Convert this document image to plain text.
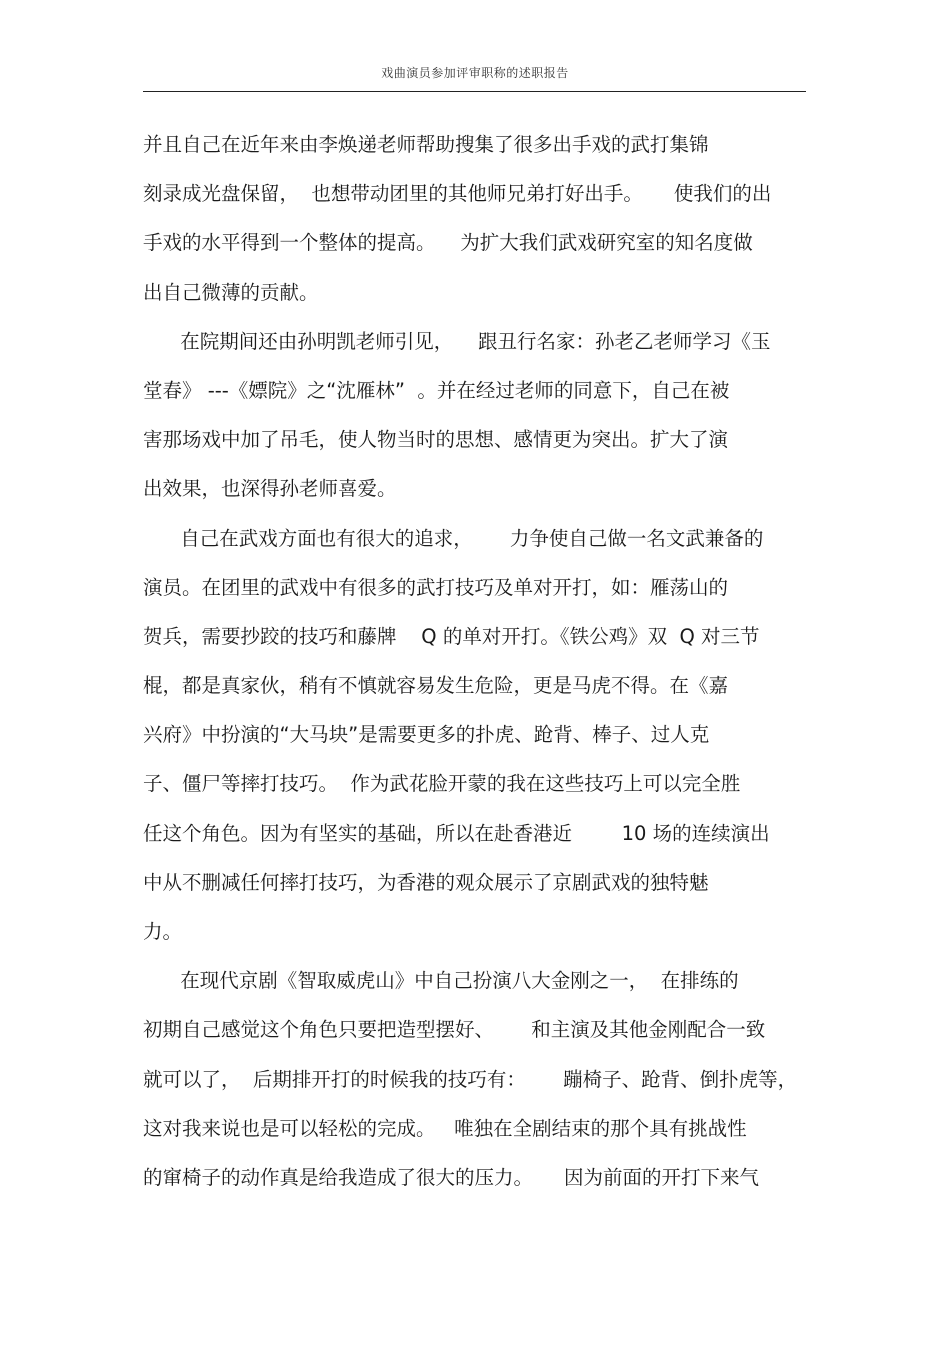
戏曲演员参加评审职称的述职报告
并且自己在近年来由李焕递老师帮助搜集了很多出手戏的武打集锦
刻录成光盘保留，  也想带动团里的其他师兄弟打好出手。     使我们的出
手戏的水平得到一个整体的提高。    为扩大我们武戏研究室的知名度做
出自己微薄的贡献。
在院期间还由孙明凯老师引见，    跟丑行名家：孙老乙老师学习《玉
堂春》 ---《嫖院》之“沈雁林”  。并在经过老师的同意下，自己在被
害那场戏中加了吊毛，使人物当时的思想、感情更为突出。扩大了演
出效果，也深得孙老师喜爱。
自己在武戏方面也有很大的追求，      力争使自己做一名文武兼备的
演员。在团里的武戏中有很多的武打技巧及单对开打，如：雁荡山的
贺兵，需要抄跤的技巧和藤牌    Q 的单对开打。《铁公鸡》双  Q 对三节
棍，都是真家伙，稍有不慎就容易发生危险，更是马虎不得。在《嘉
兴府》中扮演的“大马块”是需要更多的扑虎、跄背、棒子、过人克
子、僵尸等摔打技巧。  作为武花脸开蒙的我在这些技巧上可以完全胜
任这个角色。因为有坚实的基础，所以在赴香港近        10 场的连续演出
中从不删减任何摔打技巧，为香港的观众展示了京剧武戏的独特魅
力。
在现代京剧《智取威虎山》中自己扮演八大金刚之一，  在排练的
初期自己感觉这个角色只要把造型摆好、      和主演及其他金刚配合一致
就可以了，  后期排开打的时候我的技巧有：      蹦椅子、跄背、倒扑虎等，
这对我来说也是可以轻松的完成。   唯独在全剧结束的那个具有挑战性
的窜椅子的动作真是给我造成了很大的压力。     因为前面的开打下来气
